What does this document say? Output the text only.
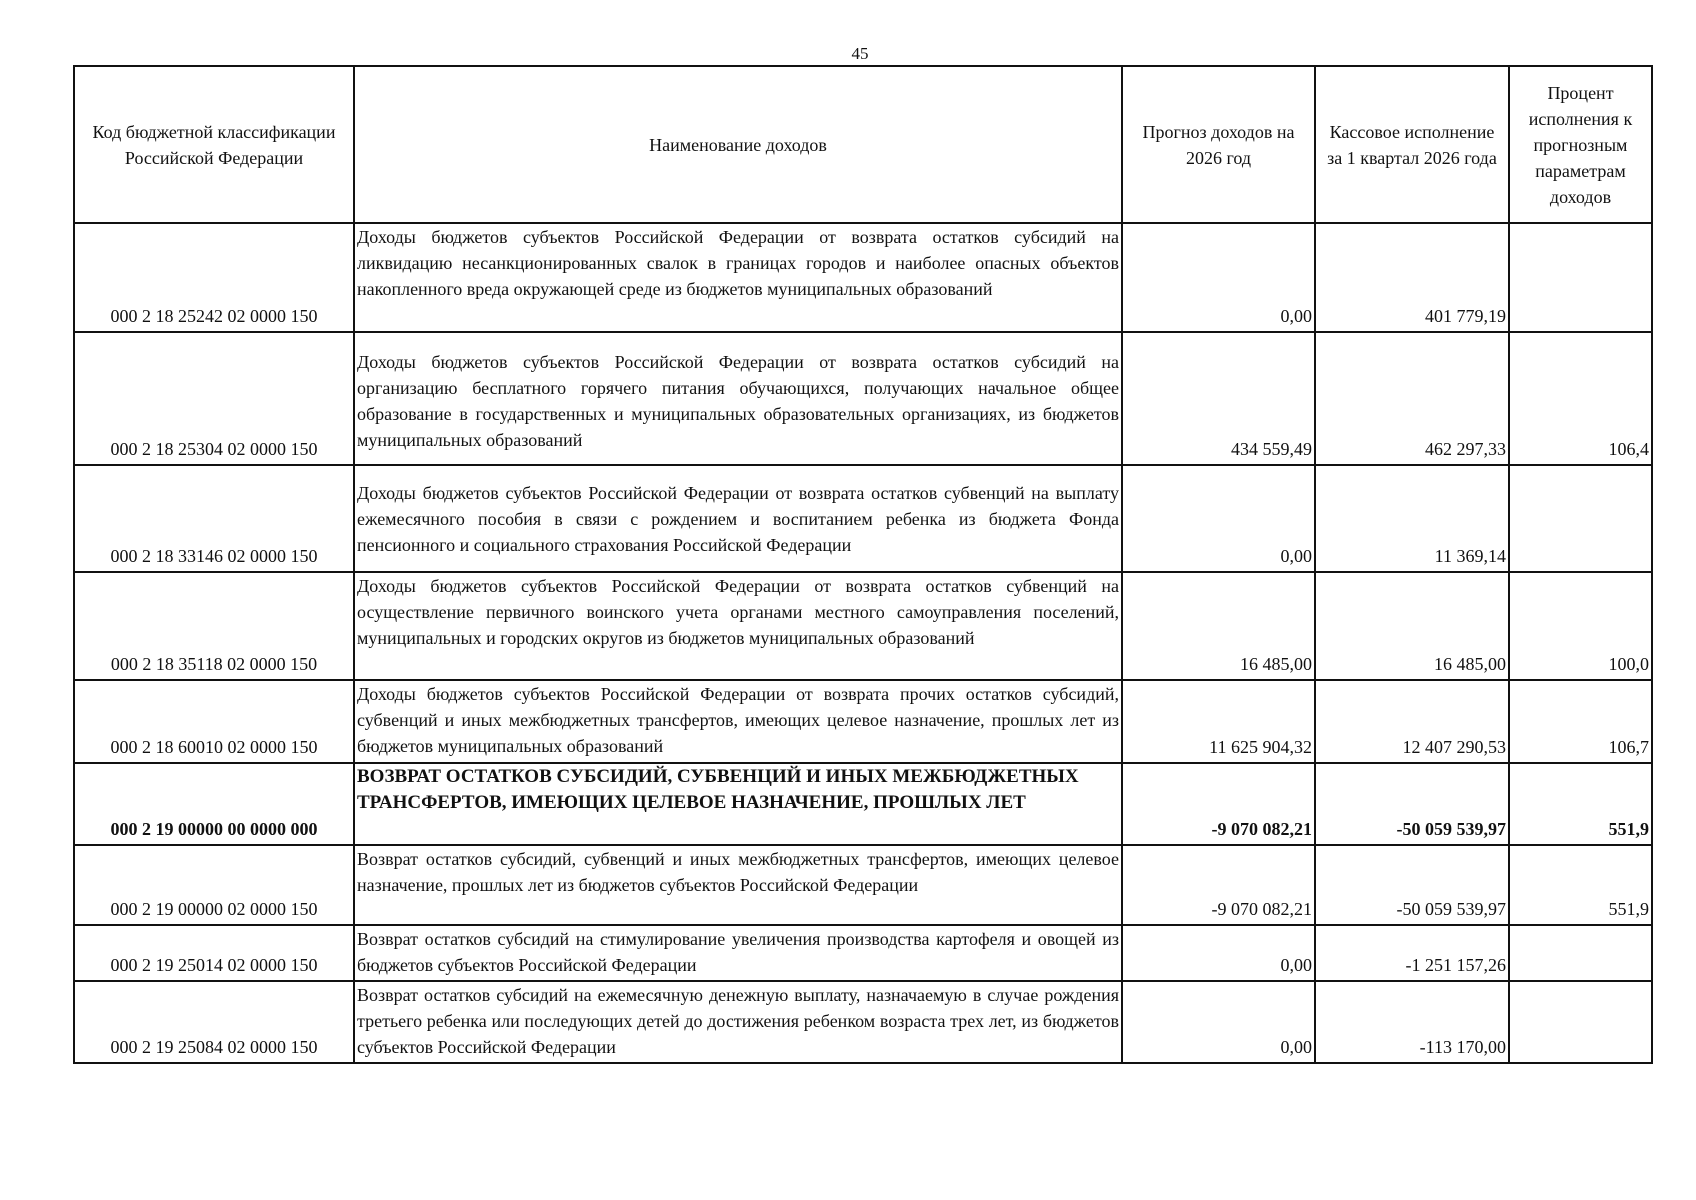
45
Код бюджетной классификации Российской Федерации	Наименование доходов	Прогноз доходов на 2026 год	Кассовое исполнение за 1 квартал 2026 года	Процент исполнения к прогнозным параметрам доходов
000 2 18 25242 02 0000 150	Доходы бюджетов субъектов Российской Федерации от возврата остатков субсидий на ликвидацию несанкционированных свалок в границах городов и наиболее опасных объектов накопленного вреда окружающей среде из бюджетов муниципальных образований	0,00	401 779,19	
000 2 18 25304 02 0000 150	Доходы бюджетов субъектов Российской Федерации от возврата остатков субсидий на организацию бесплатного горячего питания обучающихся, получающих начальное общее образование в государственных и муниципальных образовательных организациях, из бюджетов муниципальных образований	434 559,49	462 297,33	106,4
000 2 18 33146 02 0000 150	Доходы бюджетов субъектов Российской Федерации от возврата остатков субвенций на выплату ежемесячного пособия в связи с рождением и воспитанием ребенка из бюджета Фонда пенсионного и социального страхования Российской Федерации	0,00	11 369,14	
000 2 18 35118 02 0000 150	Доходы бюджетов субъектов Российской Федерации от возврата остатков субвенций на осуществление первичного воинского учета органами местного самоуправления поселений, муниципальных и городских округов из бюджетов муниципальных образований	16 485,00	16 485,00	100,0
000 2 18 60010 02 0000 150	Доходы бюджетов субъектов Российской Федерации от возврата прочих остатков субсидий, субвенций и иных межбюджетных трансфертов, имеющих целевое назначение, прошлых лет из бюджетов муниципальных образований	11 625 904,32	12 407 290,53	106,7
000 2 19 00000 00 0000 000	ВОЗВРАТ ОСТАТКОВ СУБСИДИЙ, СУБВЕНЦИЙ И ИНЫХ МЕЖБЮДЖЕТНЫХ ТРАНСФЕРТОВ, ИМЕЮЩИХ ЦЕЛЕВОЕ НАЗНАЧЕНИЕ, ПРОШЛЫХ ЛЕТ	-9 070 082,21	-50 059 539,97	551,9
000 2 19 00000 02 0000 150	Возврат остатков субсидий, субвенций и иных межбюджетных трансфертов, имеющих целевое назначение, прошлых лет из бюджетов субъектов Российской Федерации	-9 070 082,21	-50 059 539,97	551,9
000 2 19 25014 02 0000 150	Возврат остатков субсидий на стимулирование увеличения производства картофеля и овощей из бюджетов субъектов Российской Федерации	0,00	-1 251 157,26	
000 2 19 25084 02 0000 150	Возврат остатков субсидий на ежемесячную денежную выплату, назначаемую в случае рождения третьего ребенка или последующих детей до достижения ребенком возраста трех лет, из бюджетов субъектов Российской Федерации	0,00	-113 170,00	
